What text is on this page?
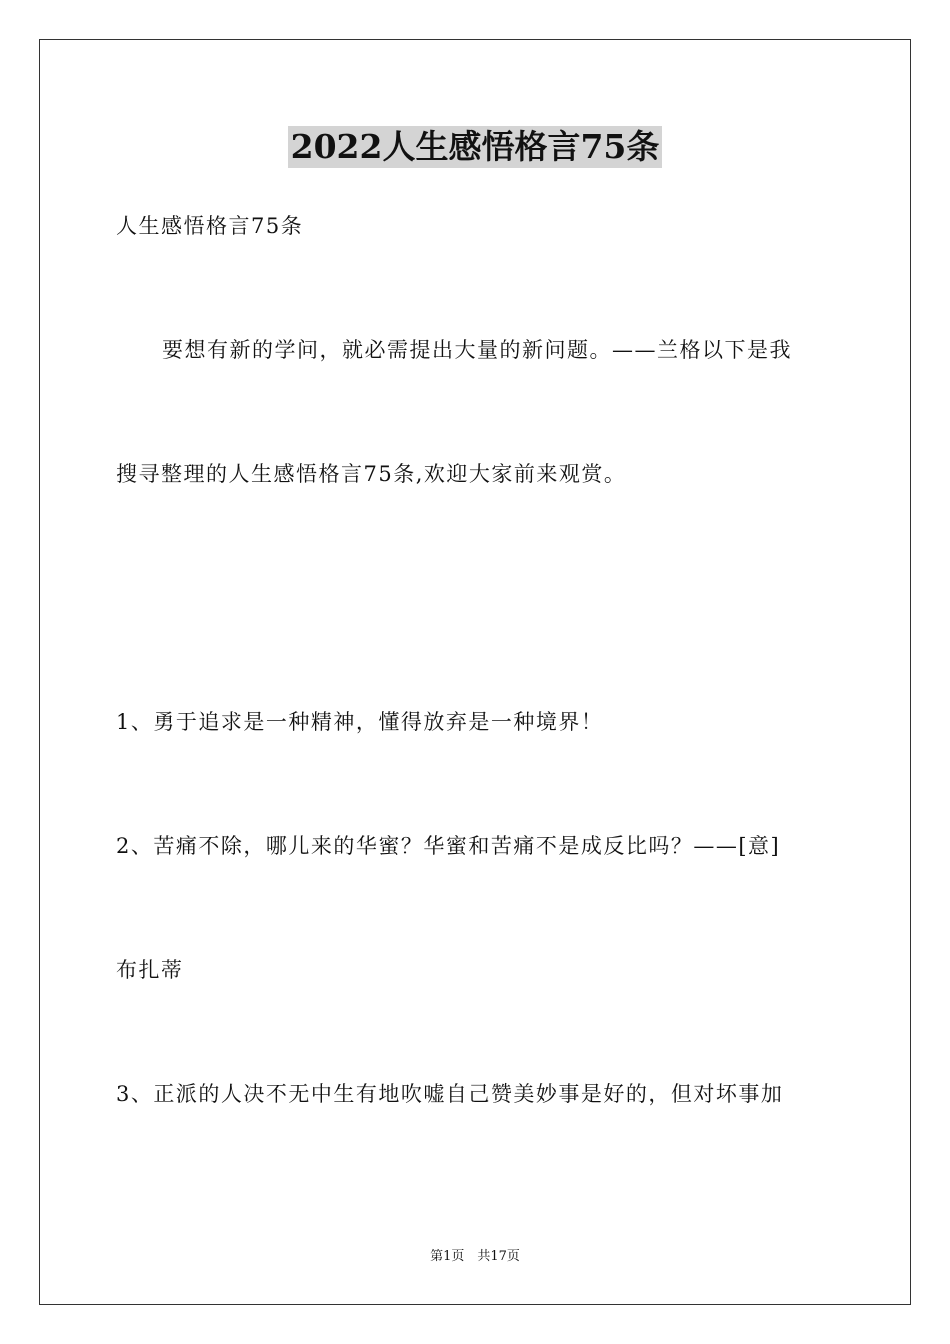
2022人生感悟格言75条
人生感悟格言75条
要想有新的学问，就必需提出大量的新问题。——兰格以下是我
搜寻整理的人生感悟格言75条,欢迎大家前来观赏。
1、勇于追求是一种精神，懂得放弃是一种境界！
2、苦痛不除，哪儿来的华蜜？华蜜和苦痛不是成反比吗？——[意]
布扎蒂
3、正派的人决不无中生有地吹嘘自己赞美妙事是好的，但对坏事加
第1页　共17页
